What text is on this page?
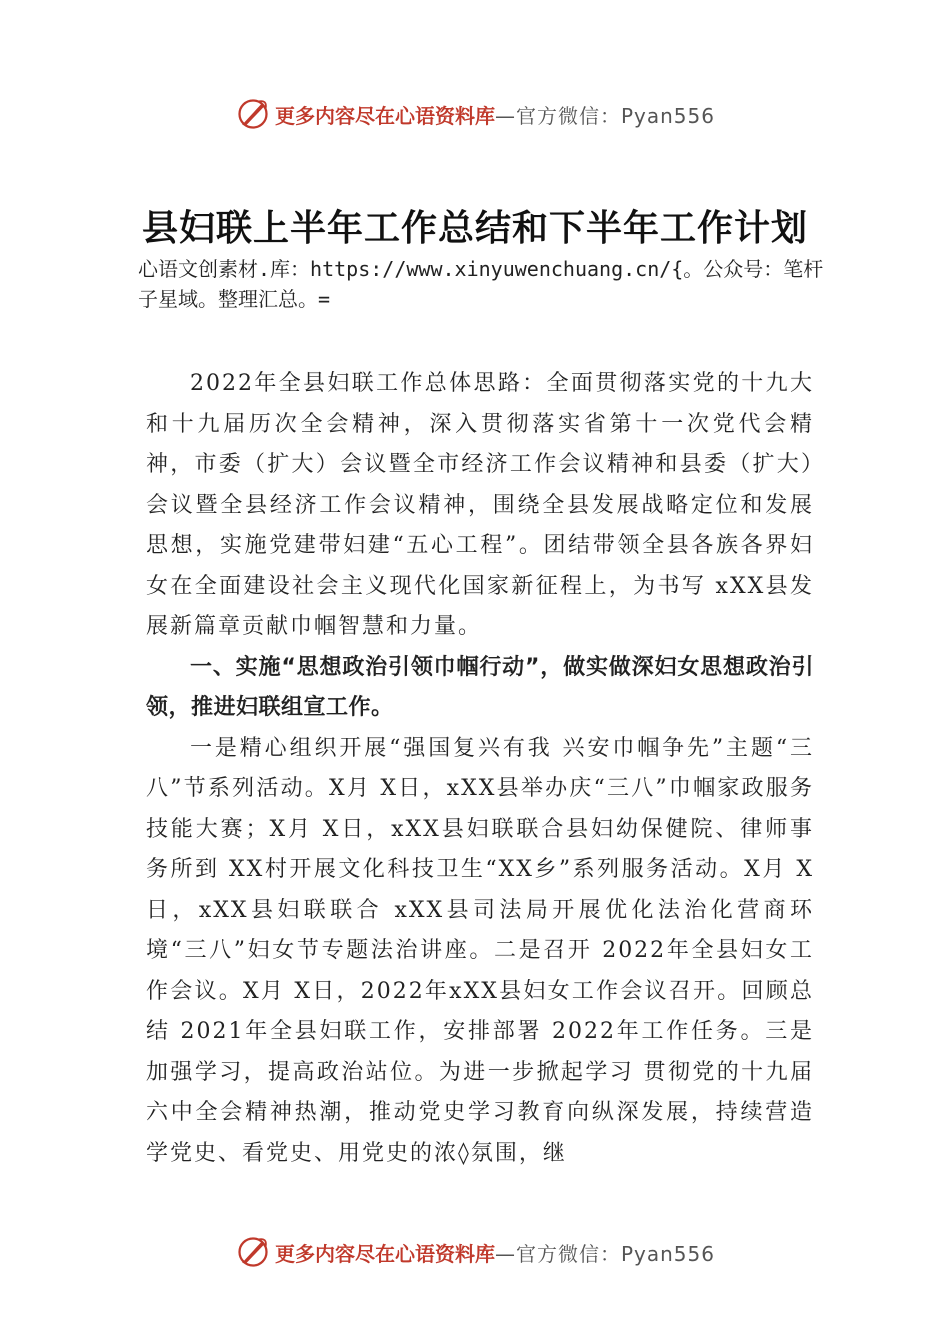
更多内容尽在心语资料库 —官方微信：Pyan556
县妇联上半年工作总结和下半年工作计划
心语文创素材.库：https://www.xinyuwenchuang.cn/{。公众号：笔杆子星域。整理汇总。=

2022年全县妇联工作总体思路：全面贯彻落实党的十九大和十九届历次全会精神，深入贯彻落实省第十一次党代会精神，市委（扩大）会议暨全市经济工作会议精神和县委（扩大）会议暨全县经济工作会议精神，围绕全县发展战略定位和发展思想，实施党建带妇建“五心工程”。团结带领全县各族各界妇女在全面建设社会主义现代化国家新征程上，为书写 xXX县发展新篇章贡献巾帼智慧和力量。

一、实施“思想政治引领巾帼行动”，做实做深妇女思想政治引领，推进妇联组宣工作。

一是精心组织开展“强国复兴有我 兴安巾帼争先”主题“三八”节系列活动。X月 X日，xXX县举办庆“三八”巾帼家政服务技能大赛；X月 X日，xXX县妇联联合县妇幼保健院、律师事务所到 XX村开展文化科技卫生“XX乡”系列服务活动。X月 X日，xXX县妇联联合 xXX县司法局开展优化法治化营商环境“三八”妇女节专题法治讲座。二是召开 2022年全县妇女工作会议。X月 X日，2022年xXX县妇女工作会议召开。回顾总结 2021年全县妇联工作，安排部署 2022年工作任务。三是加强学习，提高政治站位。为进一步掀起学习 贯彻党的十九届六中全会精神热潮，推动党史学习教育向纵深发展，持续营造学党史、看党史、用党史的浓◊氛围，继

更多内容尽在心语资料库 —官方微信：Pyan556
